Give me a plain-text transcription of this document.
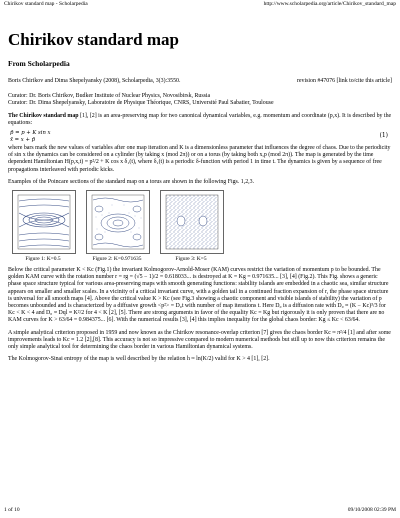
Chirikov standard map - Scholarpedia	http://www.scholarpedia.org/article/Chirikov_standard_map
Chirikov standard map
From Scholarpedia

Boris Chirikov and Dima Shepelyansky (2008), Scholarpedia, 3(3):3550.	revision #47076 [link to/cite this article]

Curator: Dr. Boris Chirikov, Budker Institute of Nuclear Physics, Novosibirsk, Russia

Curator: Dr. Dima Shepelyansky, Laboratoire de Physique Théorique, CNRS, Université Paul Sabatier, Toulouse

The Chirikov standard map [1], [2] is an area-preserving map for two canonical dynamical variables, e.g. momentum and coordinate (p,x). It is described by the equations:

p̄ = p + K sin x
x̄ = x + p̄
(1)

where bars mark the new values of variables after one map iteration and K is a dimensionless parameter that influences the degree of chaos. Due to the periodicity of sin x the dynamics can be considered on a cylinder (by taking x (mod 2π)) or on a torus (by taking both x,p (mod 2π)). The map is generated by the time dependent Hamiltonian H(p,x,t) = p²/2 + K cos x δ₁(t), where δ₁(t) is a periodic δ-function with period 1 in time t. The dynamics is given by a sequence of free propagations interleaved with periodic kicks.

Examples of the Poincare sections of the standard map on a torus are shown in the following Figs. 1,2,3.

Figure 1: K=0.5	Figure 2: K=0.971635	Figure 3: K=5

Below the critical parameter K < Kc (Fig.1) the invariant Kolmogorov-Arnold-Moser (KAM) curves restrict the variation of momentum p to be bounded. The golden KAM curve with the rotation number r = rg = (√5 − 1)/2 = 0.618033... is destroyed at K = Kg = 0.971635... [3], [4] (Fig.2). This Fig. shows a generic phase space structure typical for various area-preserving maps with smooth generating functions: stability islands are embedded in a chaotic sea, similar structure appears on smaller and smaller scales. In a vicinity of a critical invariant curve, with a golden tail in a continued fraction expansion of r, the phase space structure is universal for all smooth maps [4]. Above the critical value K > Kc (see Fig.3 showing a chaotic component and visible islands of stability) the variation of p becomes unbounded and is characterized by a diffusive growth <p²> = D₀t with number of map iterations t. Here D₀ is a diffusion rate with D₀ ≈ (K − Kc)³/3 for Kc < K < 4 and D₀ ≈ Dql ≈ K²/2 for 4 < K [2], [5]. There are strong arguments in favor of the equality Kc = Kg but rigorously it is only proven that there are no KAM curves for K > 63/64 = 0.984375... [6]. With the numerical results [3], [4] this implies inequality for the global chaos border: Kg ≤ Kc < 63/64.

A simple analytical criterion proposed in 1959 and now known as the Chirikov resonance-overlap criterion [7] gives the chaos border Kc ≈ π²/4 [1] and after some improvements leads to Kc ≈ 1.2 [2],[8]. This accuracy is not so impressive compared to modern numerical methods but still up to now this criterion remains the only simple analytical tool for determining the chaos border in various Hamiltonian dynamical systems.

The Kolmogorov-Sinai entropy of the map is well described by the relation h ≈ ln(K/2) valid for K > 4 [1], [2].

1 of 10	09/10/2008 02:39 PM
